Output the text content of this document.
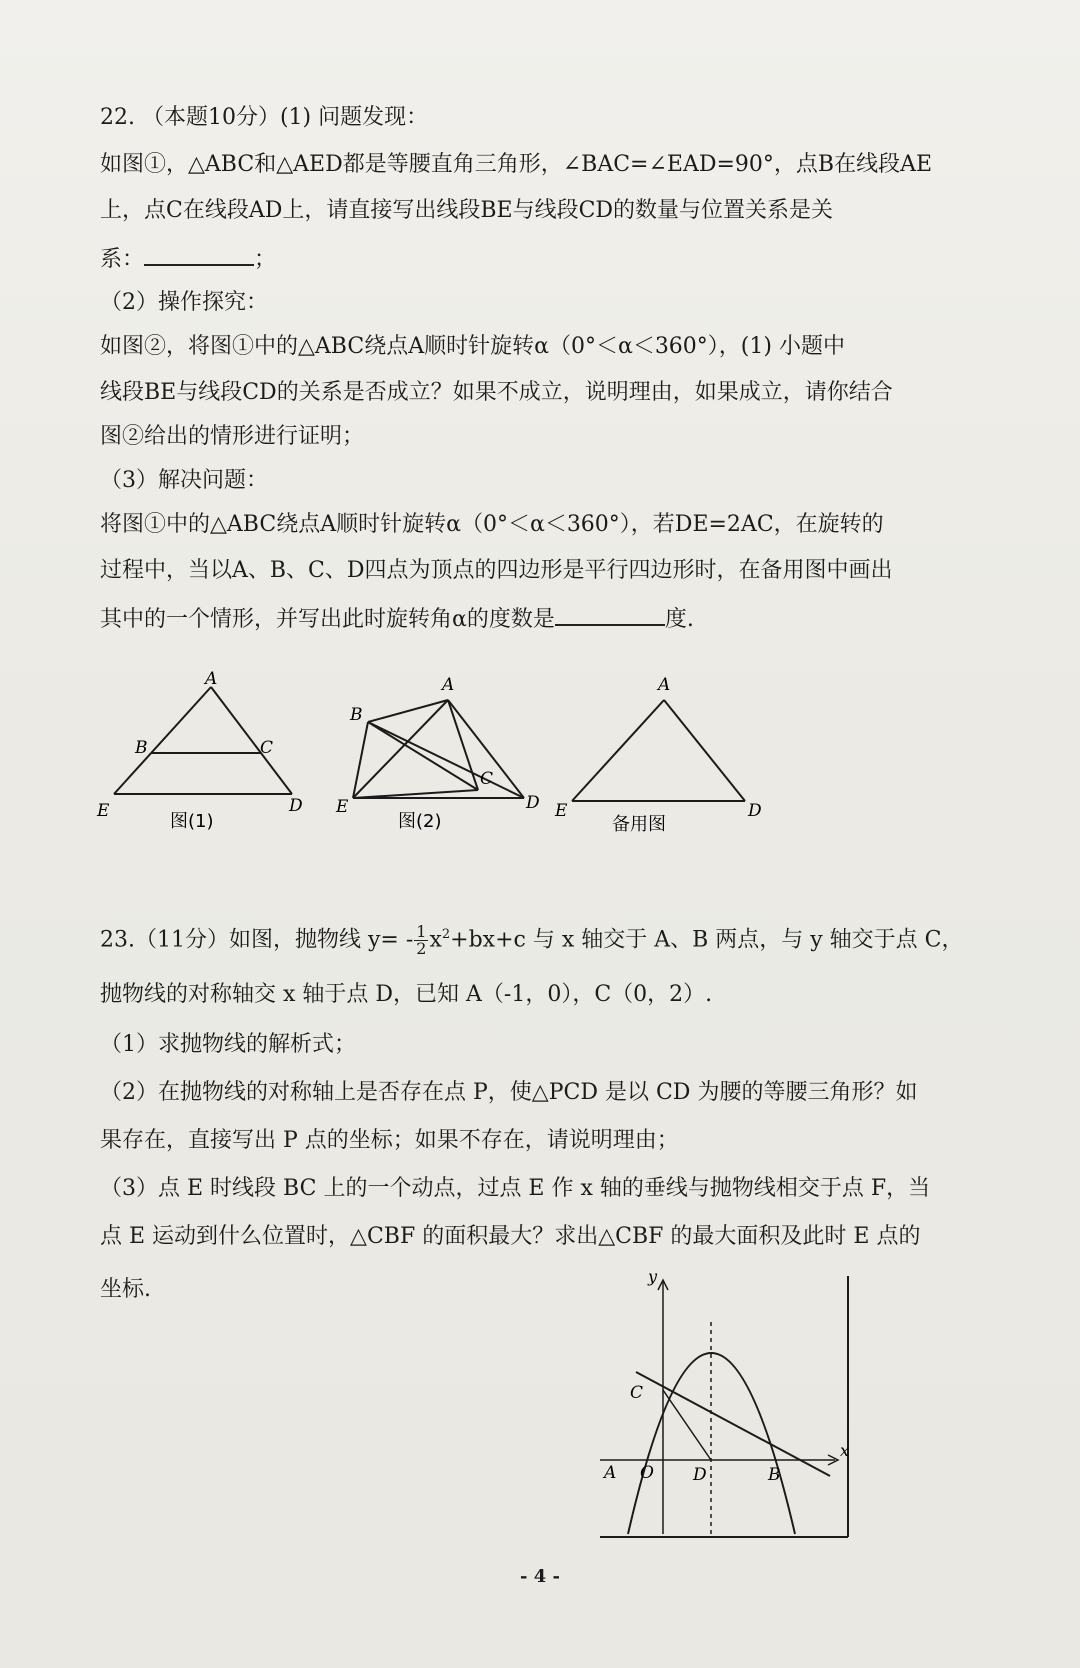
22. （本题10分）(1) 问题发现：
如图①，△ABC和△AED都是等腰直角三角形，∠BAC=∠EAD=90°，点B在线段AE
上，点C在线段AD上，请直接写出线段BE与线段CD的数量与位置关系是关
系：	；
（2）操作探究：
如图②，将图①中的△ABC绕点A顺时针旋转α（0°＜α＜360°），(1) 小题中
线段BE与线段CD的关系是否成立？如果不成立，说明理由，如果成立，请你结合
图②给出的情形进行证明；
（3）解决问题：
将图①中的△ABC绕点A顺时针旋转α（0°＜α＜360°），若DE=2AC，在旋转的
过程中，当以A、B、C、D四点为顶点的四边形是平行四边形时，在备用图中画出
其中的一个情形，并写出此时旋转角α的度数是	度.
A
B	C
D
E	图(1)
A
B
C
D
E
图(2)
A
D
E
备用图
23.（11分）如图，抛物线 $y= - \frac{1}{2} x^2+bx+c$ 与 x 轴交于 A、B 两点，与 y 轴交于点 C，
抛物线的对称轴交 x 轴于点 D，已知 A（-1，0），C（0，2）.
（1）求抛物线的解析式；
（2）在抛物线的对称轴上是否存在点 P，使△PCD 是以 CD 为腰的等腰三角形？如
果存在，直接写出 P 点的坐标；如果不存在，请说明理由；
（3）点 E 时线段 BC 上的一个动点，过点 E 作 x 轴的垂线与抛物线相交于点 F，当
点 E 运动到什么位置时，△CBF 的面积最大？求出△CBF 的最大面积及此时 E 点的
坐标.
y
x
C
A O D	B
- 4 -
